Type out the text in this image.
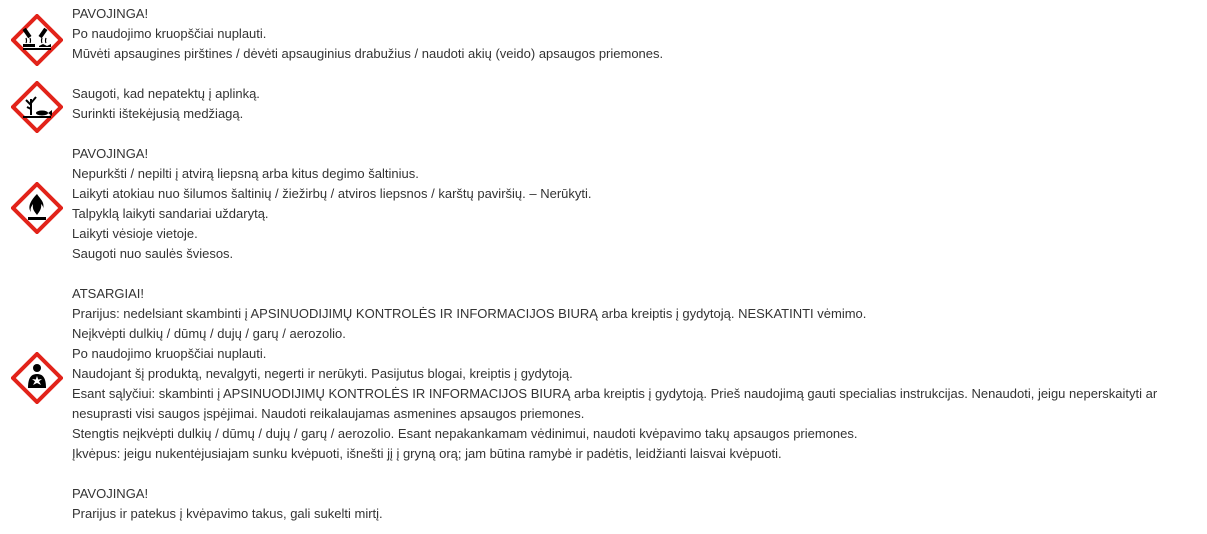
PAVOJINGA!
Po naudojimo kruopščiai nuplauti.
Mūvėti apsaugines pirštines / dėvėti apsauginius drabužius / naudoti akių (veido) apsaugos priemones.
Saugoti, kad nepatektų į aplinką.
Surinkti ištekėjusią medžiagą.
PAVOJINGA!
Nepurkšti / nepilti į atvirą liepsną arba kitus degimo šaltinius.
Laikyti atokiau nuo šilumos šaltinių / žiežirbų / atviros liepsnos / karštų paviršių. – Nerūkyti.
Talpyklą laikyti sandariai uždarytą.
Laikyti vėsioje vietoje.
Saugoti nuo saulės šviesos.
ATSARGIAI!
Prarijus: nedelsiant skambinti į APSINUODIJIMŲ KONTROLĖS IR INFORMACIJOS BIURĄ arba kreiptis į gydytoją. NESKATINTI vėmimo.
Neįkvėpti dulkių / dūmų / dujų / garų / aerozolio.
Po naudojimo kruopščiai nuplauti.
Naudojant šį produktą, nevalgyti, negerti ir nerūkyti. Pasijutus blogai, kreiptis į gydytoją.
Esant sąlyčiui: skambinti į APSINUODIJIMŲ KONTROLĖS IR INFORMACIJOS BIURĄ arba kreiptis į gydytoją. Prieš naudojimą gauti specialias instrukcijas. Nenaudoti, jeigu neperskaityti ar
nesuprasti visi saugos įspėjimai. Naudoti reikalaujamas asmenines apsaugos priemones.
Stengtis neįkvėpti dulkių / dūmų / dujų / garų / aerozolio. Esant nepakankamam vėdinimui, naudoti kvėpavimo takų apsaugos priemones.
Įkvėpus: jeigu nukentėjusiajam sunku kvėpuoti, išnešti jį į gryną orą; jam būtina ramybė ir padėtis, leidžianti laisvai kvėpuoti.
PAVOJINGA!
Prarijus ir patekus į kvėpavimo takus, gali sukelti mirtį.
